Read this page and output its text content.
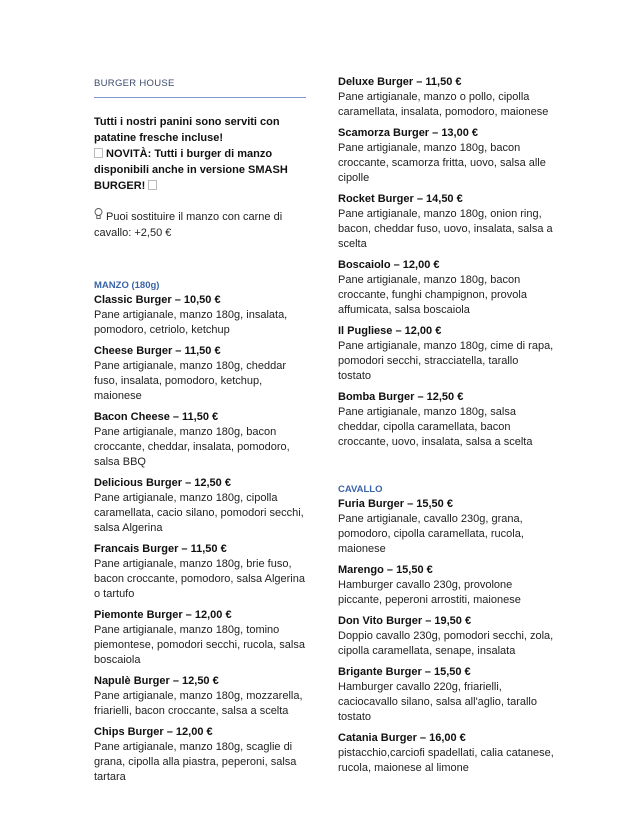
BURGER HOUSE
Tutti i nostri panini sono serviti con patatine fresche incluse!
NOVITÀ: Tutti i burger di manzo disponibili anche in versione SMASH BURGER!
Puoi sostituire il manzo con carne di cavallo: +2,50 €
MANZO (180g)
Classic Burger – 10,50 €
Pane artigianale, manzo 180g, insalata, pomodoro, cetriolo, ketchup
Cheese Burger – 11,50 €
Pane artigianale, manzo 180g, cheddar fuso, insalata, pomodoro, ketchup, maionese
Bacon Cheese – 11,50 €
Pane artigianale, manzo 180g, bacon croccante, cheddar, insalata, pomodoro, salsa BBQ
Delicious Burger – 12,50 €
Pane artigianale, manzo 180g, cipolla caramellata, cacio silano, pomodori secchi, salsa Algerina
Francais Burger – 11,50 €
Pane artigianale, manzo 180g, brie fuso, bacon croccante, pomodoro, salsa Algerina o tartufo
Piemonte Burger – 12,00 €
Pane artigianale, manzo 180g, tomino piemontese, pomodori secchi, rucola, salsa boscaiola
Napulè Burger – 12,50 €
Pane artigianale, manzo 180g, mozzarella, friarielli, bacon croccante, salsa a scelta
Chips Burger – 12,00 €
Pane artigianale, manzo 180g, scaglie di grana, cipolla alla piastra, peperoni, salsa tartara
Deluxe Burger – 11,50 €
Pane artigianale, manzo o pollo, cipolla caramellata, insalata, pomodoro, maionese
Scamorza Burger – 13,00 €
Pane artigianale, manzo 180g, bacon croccante, scamorza fritta, uovo, salsa alle cipolle
Rocket Burger – 14,50 €
Pane artigianale, manzo 180g, onion ring, bacon, cheddar fuso, uovo, insalata, salsa a scelta
Boscaiolo – 12,00 €
Pane artigianale, manzo 180g, bacon croccante, funghi champignon, provola affumicata, salsa boscaiola
Il Pugliese – 12,00 €
Pane artigianale, manzo 180g, cime di rapa, pomodori secchi, stracciatella, tarallo tostato
Bomba Burger – 12,50 €
Pane artigianale, manzo 180g, salsa cheddar, cipolla caramellata, bacon croccante, uovo, insalata, salsa a scelta
CAVALLO
Furia Burger – 15,50 €
Pane artigianale, cavallo 230g, grana, pomodoro, cipolla caramellata, rucola, maionese
Marengo – 15,50 €
Hamburger cavallo 230g, provolone piccante, peperoni arrostiti, maionese
Don Vito Burger – 19,50 €
Doppio cavallo 230g, pomodori secchi, zola, cipolla caramellata, senape, insalata
Brigante Burger – 15,50 €
Hamburger cavallo 220g, friarielli, caciocavallo silano, salsa all'aglio, tarallo tostato
Catania Burger – 16,00 € pistacchio,carciofi spadellati, calia catanese, rucola, maionese al limone
